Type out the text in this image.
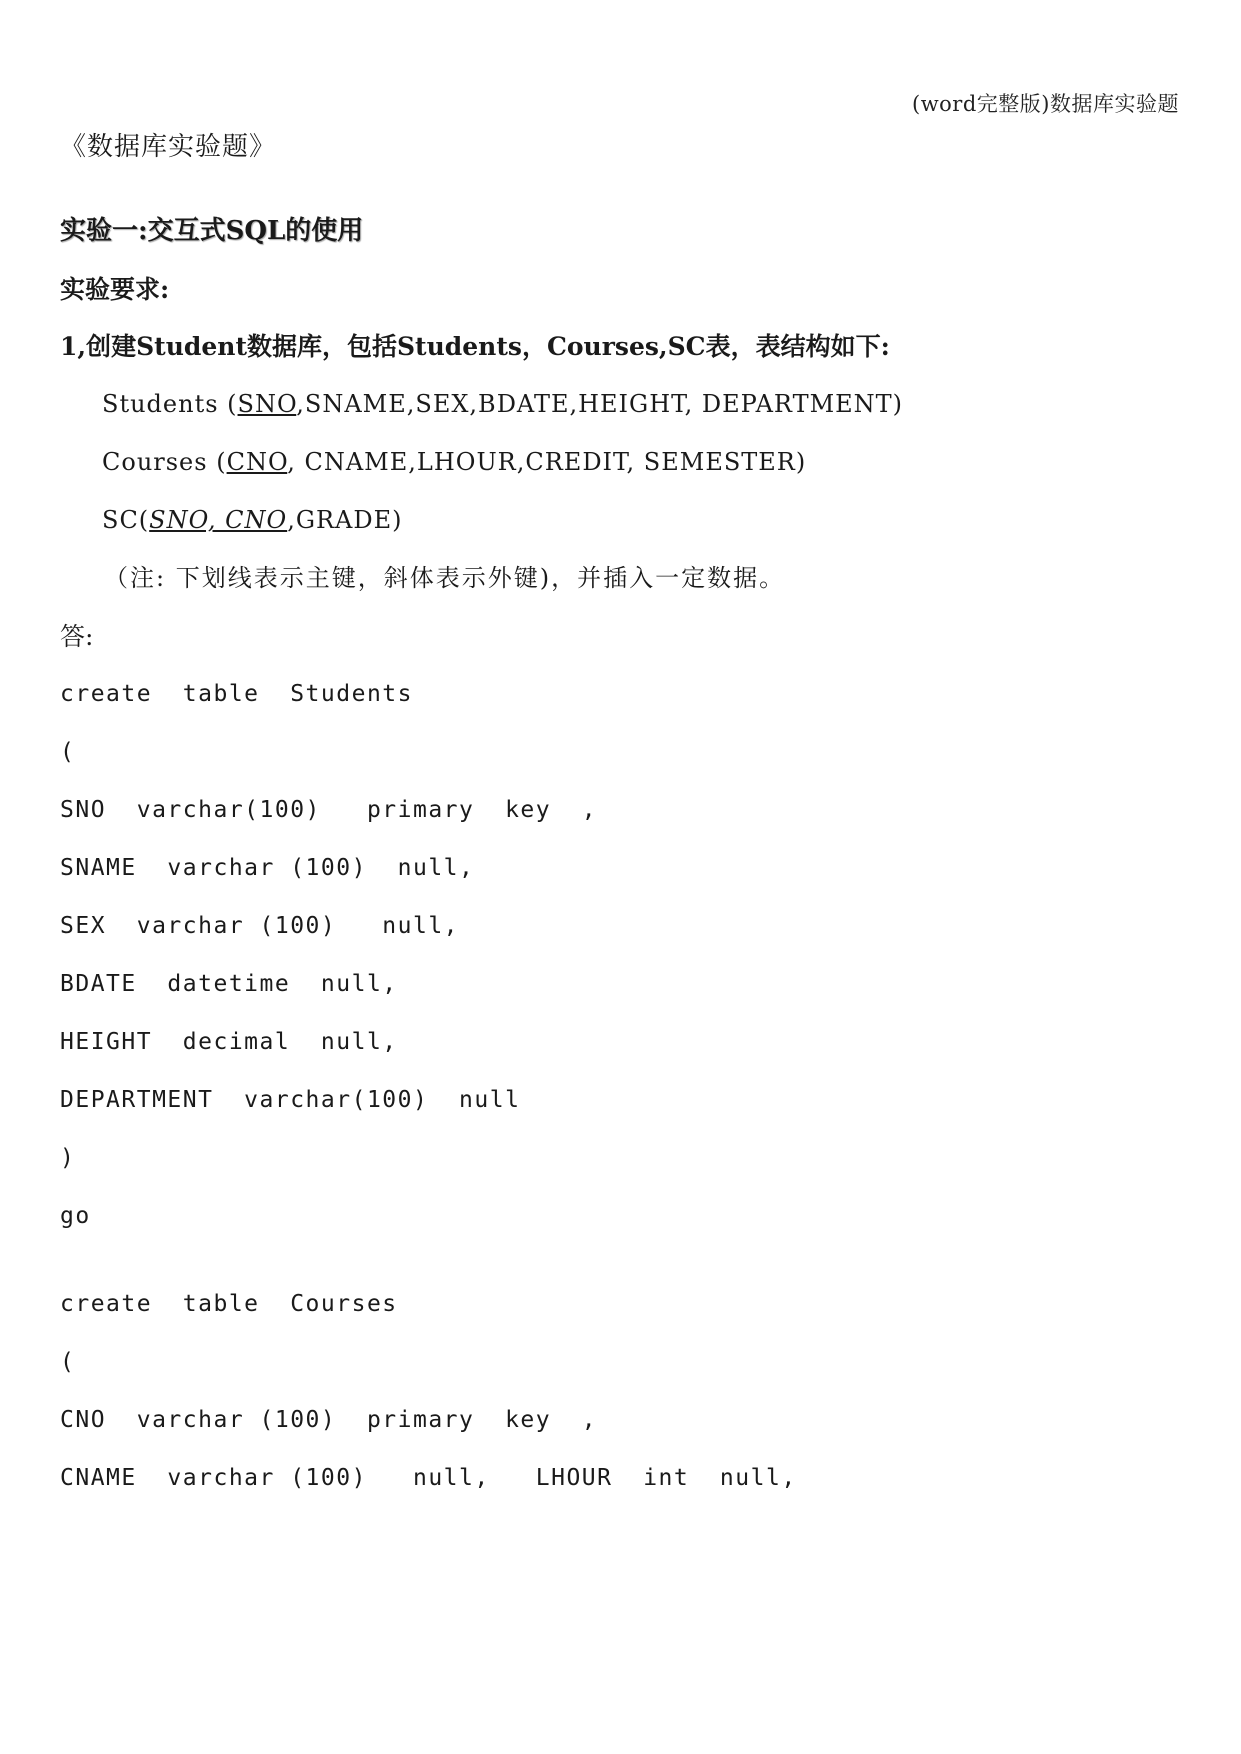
(word完整版)数据库实验题
《数据库实验题》
实验一:交互式SQL的使用
实验要求:
1,创建Student数据库，包括Students，Courses,SC表，表结构如下:
Students (SNO,SNAME,SEX,BDATE,HEIGHT, DEPARTMENT)
Courses (CNO, CNAME,LHOUR,CREDIT, SEMESTER)
SC(SNO, CNO,GRADE)
（注: 下划线表示主键，斜体表示外键)，并插入一定数据。
答:
create  table  Students
(
SNO  varchar(100)   primary  key  ,
SNAME  varchar (100)  null,
SEX  varchar (100)   null,
BDATE  datetime  null,
HEIGHT  decimal  null,
DEPARTMENT  varchar(100)  null
)
go
create  table  Courses
(
CNO  varchar (100)  primary  key  ,
CNAME  varchar (100)   null,   LHOUR  int  null,
